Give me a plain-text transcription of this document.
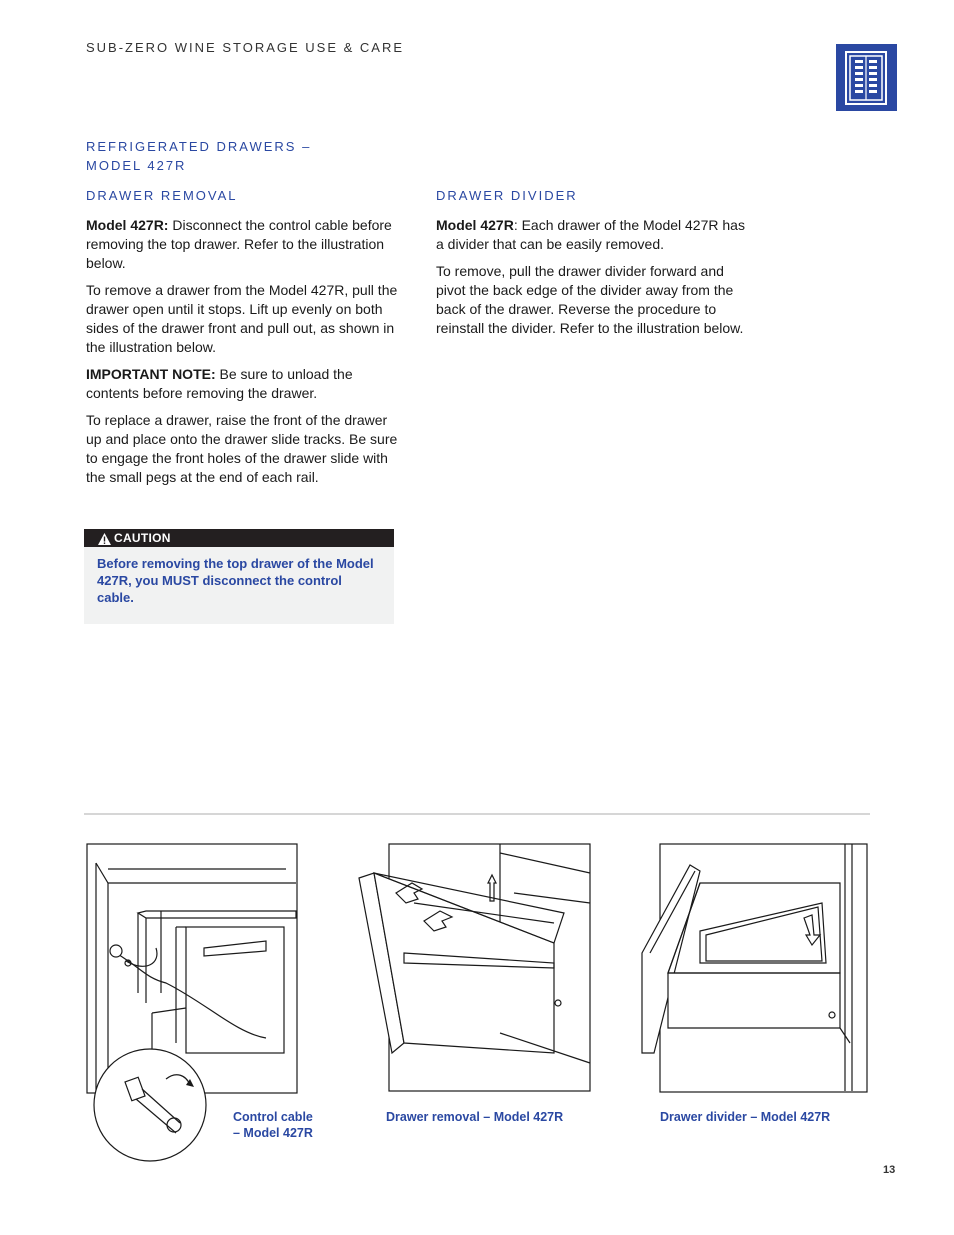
SUB-ZERO WINE STORAGE USE & CARE
REFRIGERATED DRAWERS –
MODEL 427R
DRAWER REMOVAL

Model 427R: Disconnect the control cable before removing the top drawer. Refer to the illustration below.

To remove a drawer from the Model 427R, pull the drawer open until it stops. Lift up evenly on both sides of the drawer front and pull out, as shown in the illustration below.

IMPORTANT NOTE: Be sure to unload the contents before removing the drawer.

To replace a drawer, raise the front of the drawer up and place onto the drawer slide tracks. Be sure to engage the front holes of the drawer slide with the small pegs at the end of each rail.

CAUTION
Before removing the top drawer of the Model 427R, you MUST disconnect the control cable.
DRAWER DIVIDER

Model 427R: Each drawer of the Model 427R has a divider that can be easily removed.

To remove, pull the drawer divider forward and pivot the back edge of the divider away from the back of the drawer. Reverse the procedure to reinstall the divider. Refer to the illustration below.

Control cable
– Model 427R
Drawer removal – Model 427R	Drawer divider – Model 427R
13
